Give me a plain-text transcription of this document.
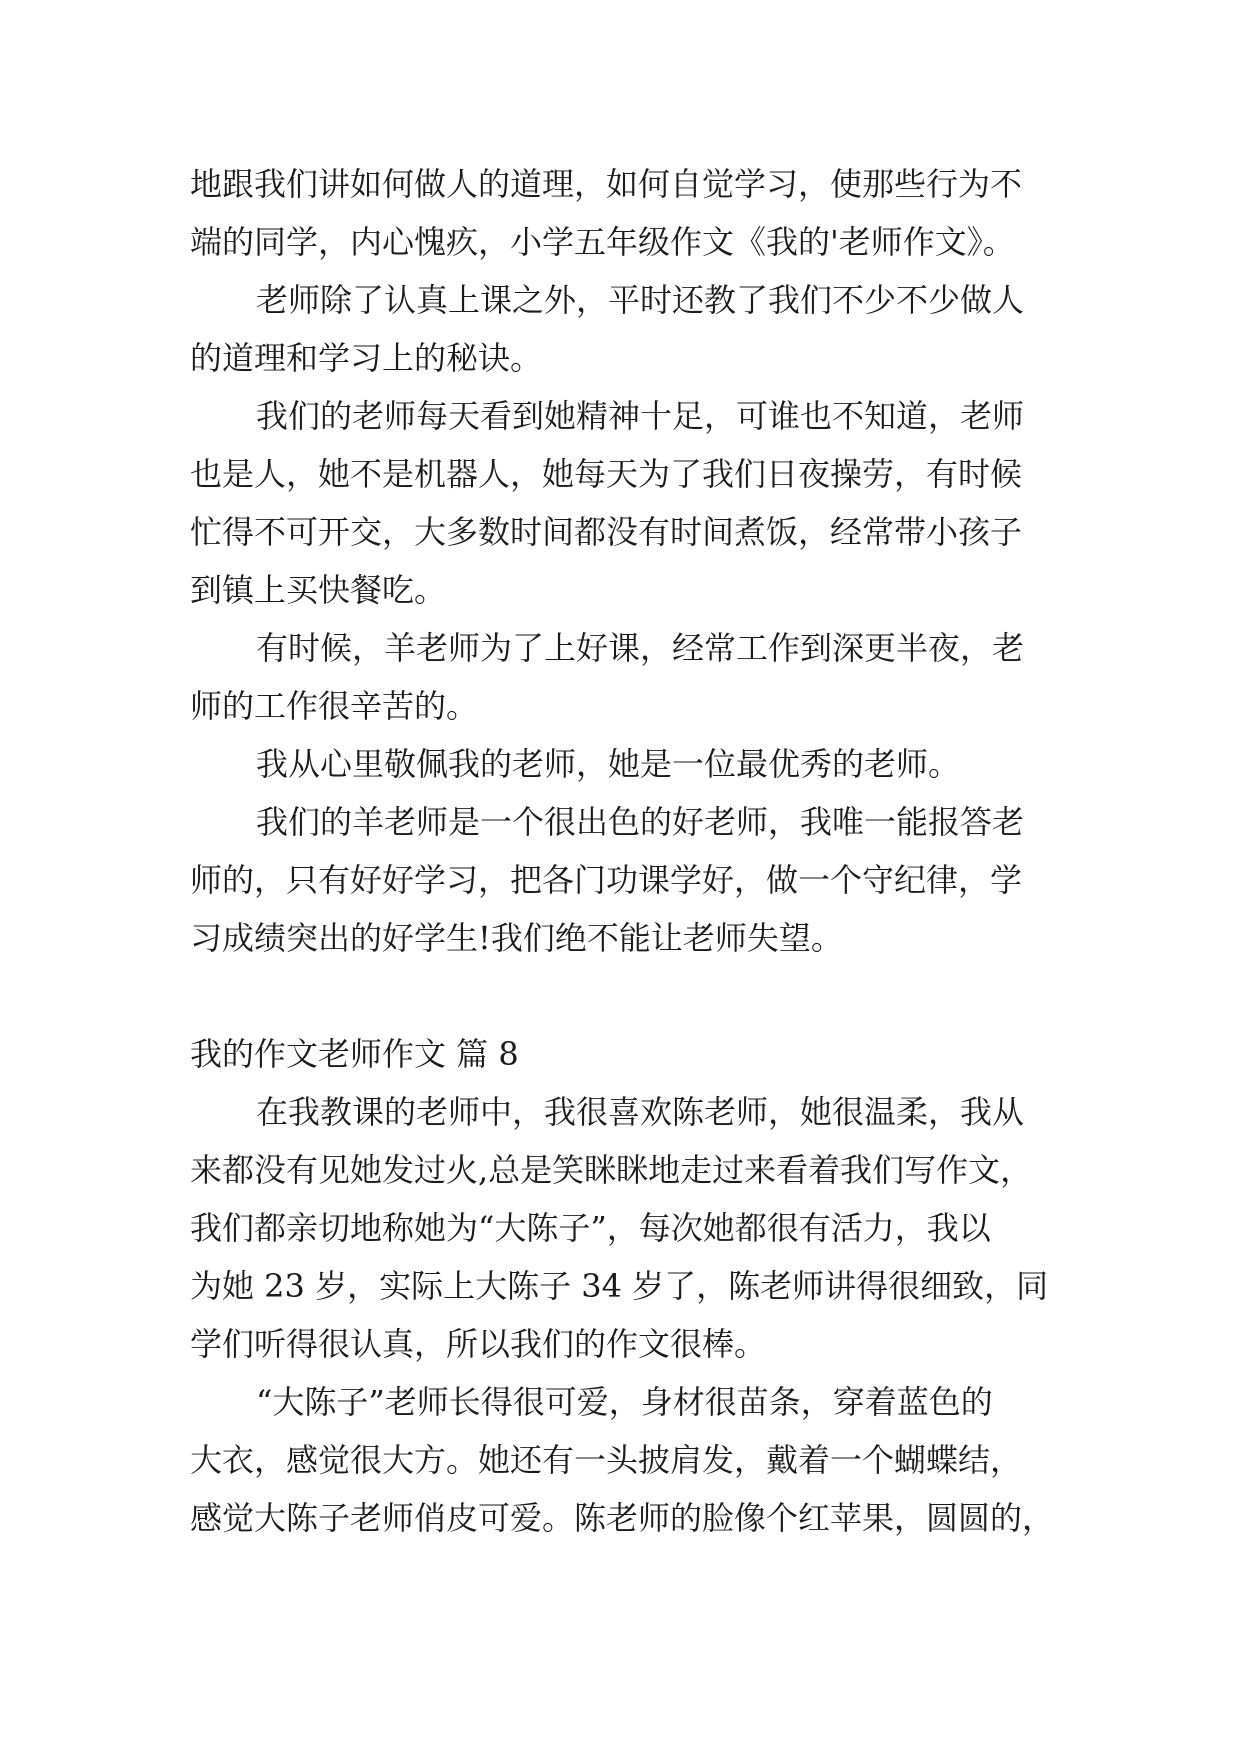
地跟我们讲如何做人的道理，如何自觉学习，使那些行为不
端的同学，内心愧疚，小学五年级作文《我的'老师作文》。
老师除了认真上课之外，平时还教了我们不少不少做人
的道理和学习上的秘诀。
我们的老师每天看到她精神十足，可谁也不知道，老师
也是人，她不是机器人，她每天为了我们日夜操劳，有时候
忙得不可开交，大多数时间都没有时间煮饭，经常带小孩子
到镇上买快餐吃。
有时候，羊老师为了上好课，经常工作到深更半夜，老
师的工作很辛苦的。
我从心里敬佩我的老师，她是一位最优秀的老师。
我们的羊老师是一个很出色的好老师，我唯一能报答老
师的，只有好好学习，把各门功课学好，做一个守纪律，学
习成绩突出的好学生!我们绝不能让老师失望。
我的作文老师作文 篇 8
在我教课的老师中，我很喜欢陈老师，她很温柔，我从
来都没有见她发过火,总是笑眯眯地走过来看着我们写作文，
我们都亲切地称她为“大陈子”，每次她都很有活力，我以
为她 23 岁，实际上大陈子 34 岁了，陈老师讲得很细致，同
学们听得很认真，所以我们的作文很棒。
“大陈子”老师长得很可爱，身材很苗条，穿着蓝色的
大衣，感觉很大方。她还有一头披肩发，戴着一个蝴蝶结，
感觉大陈子老师俏皮可爱。陈老师的脸像个红苹果，圆圆的，
